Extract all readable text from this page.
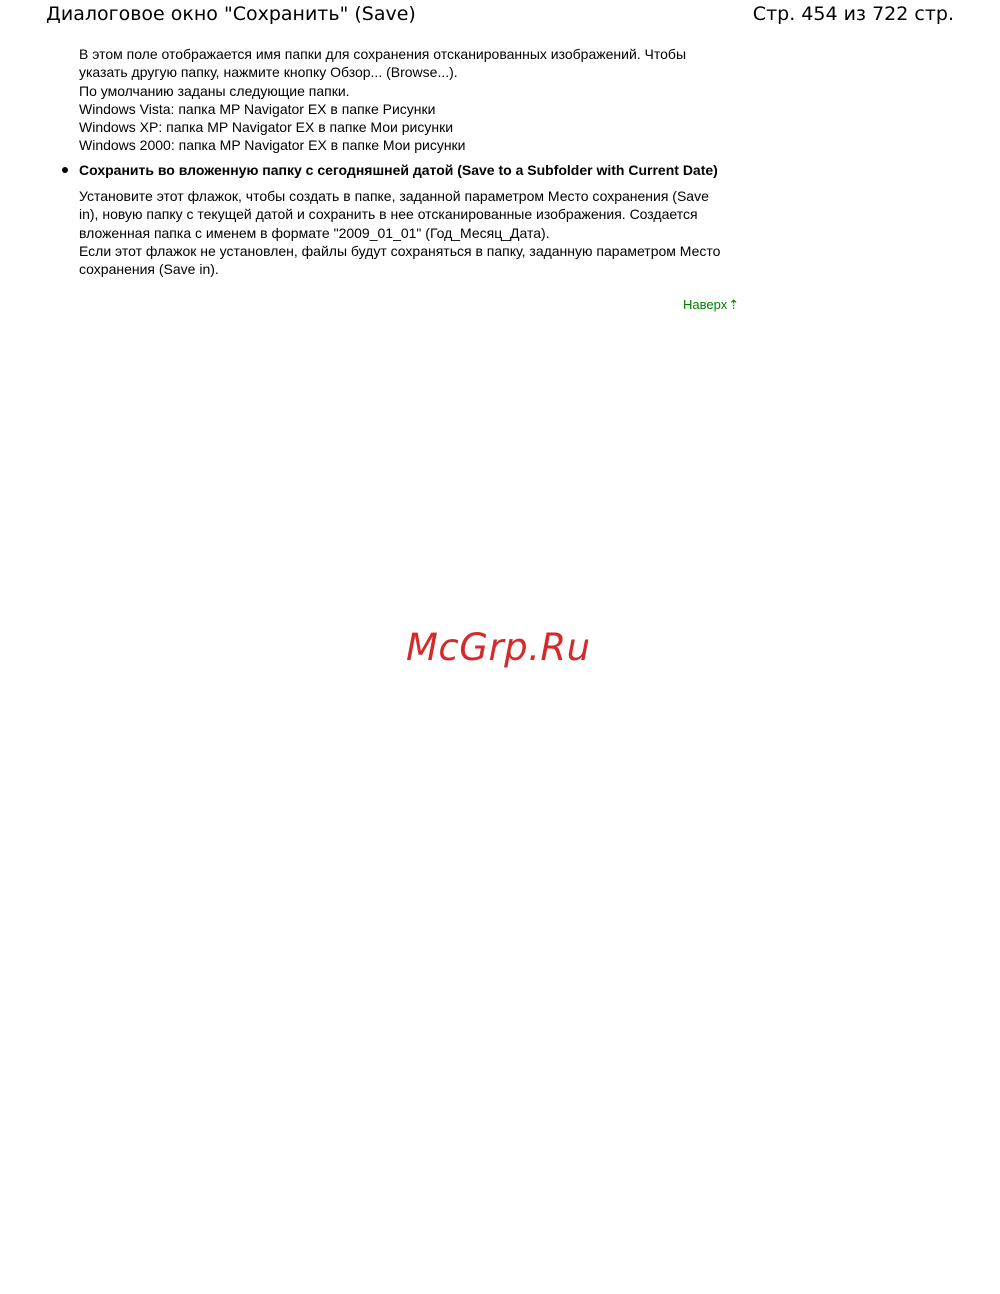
Диалоговое окно "Сохранить" (Save)	Стр. 454 из 722 стр.

В этом поле отображается имя папки для сохранения отсканированных изображений. Чтобы

указать другую папку, нажмите кнопку Обзор... (Browse...).

По умолчанию заданы следующие папки.

Windows Vista: папка MP Navigator EX в папке Рисунки

Windows XP: папка MP Navigator EX в папке Мои рисунки

Windows 2000: папка MP Navigator EX в папке Мои рисунки

Сохранить во вложенную папку с сегодняшней датой (Save to a Subfolder with Current Date)

Установите этот флажок, чтобы создать в папке, заданной параметром Место сохранения (Save

in), новую папку с текущей датой и сохранить в нее отсканированные изображения. Создается

вложенная папка с именем в формате "2009_01_01" (Год_Месяц_Дата).

Если этот флажок не установлен, файлы будут сохраняться в папку, заданную параметром Место

сохранения (Save in).

Наверх⇡
McGrp.Ru
